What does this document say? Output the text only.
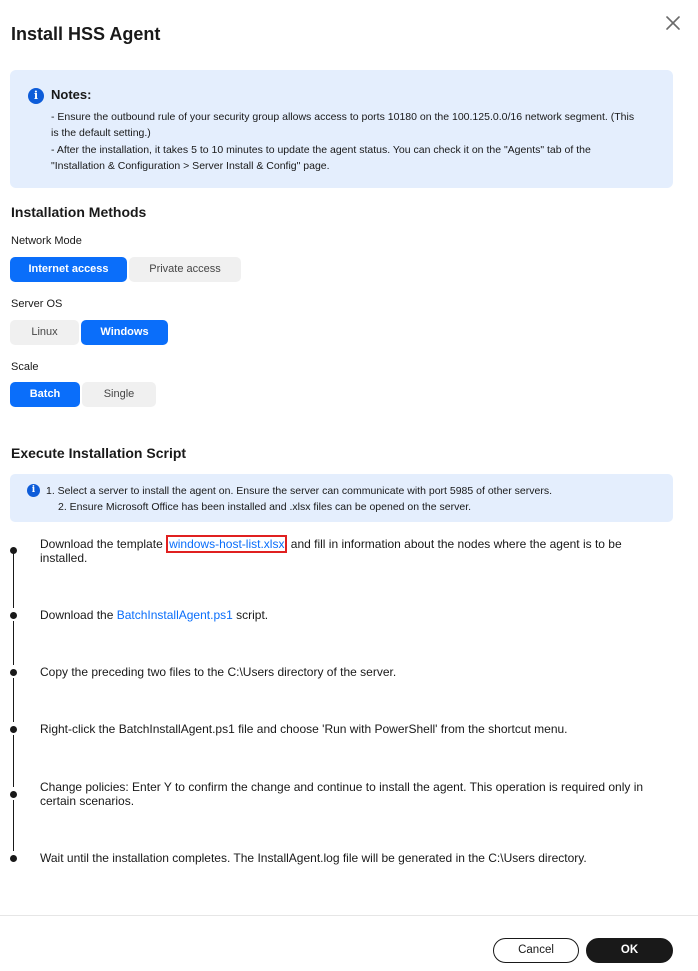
Install HSS Agent
i Notes:
- Ensure the outbound rule of your security group allows access to ports 10180 on the 100.125.0.0/16 network segment. (This
is the default setting.)
- After the installation, it takes 5 to 10 minutes to update the agent status. You can check it on the "Agents" tab of the
"Installation & Configuration > Server Install & Config" page.
Installation Methods
Network Mode
Internet access	Private access
Server OS
Linux	Windows
Scale
Batch	Single
Execute Installation Script
i	1. Select a server to install the agent on. Ensure the server can communicate with port 5985 of other servers.
2. Ensure Microsoft Office has been installed and .xlsx files can be opened on the server.
Download the template windows-host-list.xlsx and fill in information about the nodes where the agent is to be
installed.
Download the BatchInstallAgent.ps1 script.
Copy the preceding two files to the C:\Users directory of the server.
Right-click the BatchInstallAgent.ps1 file and choose 'Run with PowerShell' from the shortcut menu.
Change policies: Enter Y to confirm the change and continue to install the agent. This operation is required only in
certain scenarios.
Wait until the installation completes. The InstallAgent.log file will be generated in the C:\Users directory.
Cancel	OK
